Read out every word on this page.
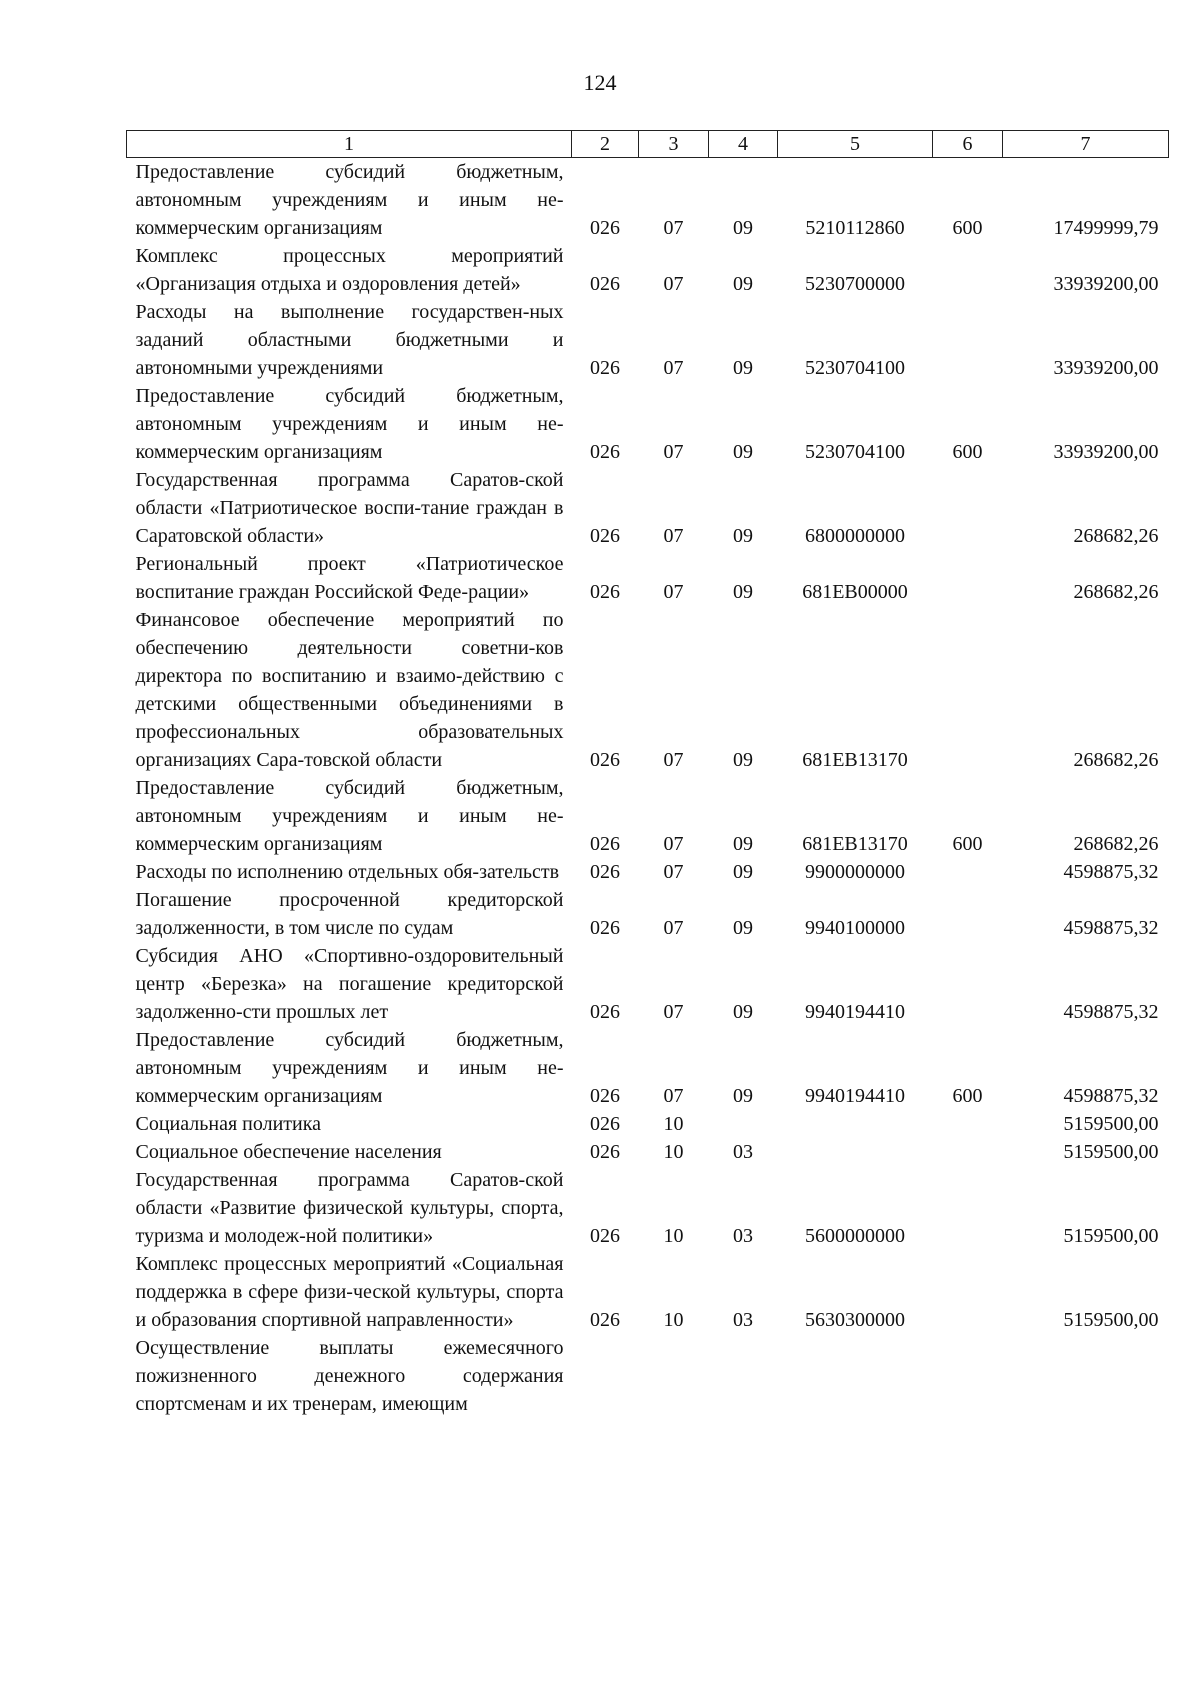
124
1	2	3	4	5	6	7
Предоставление субсидий бюджетным, автономным учреждениям и иным не-коммерческим организациям	026	07	09	5210112860	600	17499999,79
Комплекс процессных мероприятий «Организация отдыха и оздоровления детей»	026	07	09	5230700000		33939200,00
Расходы на выполнение государствен-ных заданий областными бюджетными и автономными учреждениями	026	07	09	5230704100		33939200,00
Предоставление субсидий бюджетным, автономным учреждениям и иным не-коммерческим организациям	026	07	09	5230704100	600	33939200,00
Государственная программа Саратов-ской области «Патриотическое воспи-тание граждан в Саратовской области»	026	07	09	6800000000		268682,26
Региональный проект «Патриотическое воспитание граждан Российской Феде-рации»	026	07	09	681EB00000		268682,26
Финансовое обеспечение мероприятий по обеспечению деятельности советни-ков директора по воспитанию и взаимо-действию с детскими общественными объединениями в профессиональных образовательных организациях Сара-товской области	026	07	09	681EB13170		268682,26
Предоставление субсидий бюджетным, автономным учреждениям и иным не-коммерческим организациям	026	07	09	681EB13170	600	268682,26
Расходы по исполнению отдельных обя-зательств	026	07	09	9900000000		4598875,32
Погашение просроченной кредиторской задолженности, в том числе по судам	026	07	09	9940100000		4598875,32
Субсидия АНО «Спортивно-оздоровительный центр «Березка» на погашение кредиторской задолженно-сти прошлых лет	026	07	09	9940194410		4598875,32
Предоставление субсидий бюджетным, автономным учреждениям и иным не-коммерческим организациям	026	07	09	9940194410	600	4598875,32
Социальная политика	026	10				5159500,00
Социальное обеспечение населения	026	10	03			5159500,00
Государственная программа Саратов-ской области «Развитие физической культуры, спорта, туризма и молодеж-ной политики»	026	10	03	5600000000		5159500,00
Комплекс процессных мероприятий «Социальная поддержка в сфере физи-ческой культуры, спорта и образования спортивной направленности»	026	10	03	5630300000		5159500,00
Осуществление выплаты ежемесячного пожизненного денежного содержания спортсменам и их тренерам, имеющим						
